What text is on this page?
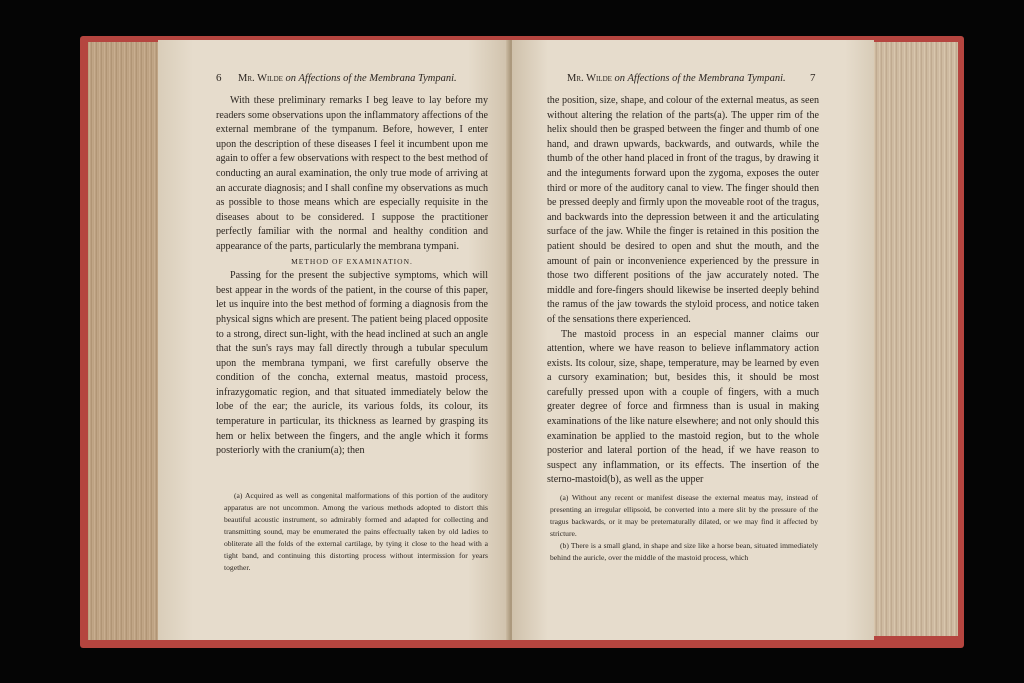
6 Mr. Wilde on Affections of the Membrana Tympani.

With these preliminary remarks I beg leave to lay before my readers some observations upon the inflammatory affections of the external membrane of the tympanum. Before, however, I enter upon the description of these diseases I feel it incumbent upon me again to offer a few observations with respect to the best method of conducting an aural examination, the only true mode of arriving at an accurate diagnosis; and I shall confine my observations as much as possible to those means which are especially requisite in the diseases about to be considered. I suppose the practitioner perfectly familiar with the normal and healthy condition and appearance of the parts, particularly the membrana tympani.

METHOD OF EXAMINATION.

Passing for the present the subjective symptoms, which will best appear in the words of the patient, in the course of this paper, let us inquire into the best method of forming a diagnosis from the physical signs which are present. The patient being placed opposite to a strong, direct sun-light, with the head inclined at such an angle that the sun's rays may fall directly through a tubular speculum upon the membrana tympani, we first carefully observe the condition of the concha, external meatus, mastoid process, infrazygomatic region, and that situated immediately below the lobe of the ear; the auricle, its various folds, its colour, its temperature in particular, its thickness as learned by grasping its hem or helix between the fingers, and the angle which it forms posteriorly with the cranium(a); then

(a) Acquired as well as congenital malformations of this portion of the auditory apparatus are not uncommon. Among the various methods adopted to distort this beautiful acoustic instrument, so admirably formed and adapted for collecting and transmitting sound, may be enumerated the pains effectually taken by old ladies to obliterate all the folds of the external cartilage, by tying it close to the head with a tight band, and continuing this distorting process without intermission for years together.

Mr. Wilde on Affections of the Membrana Tympani.	7

the position, size, shape, and colour of the external meatus, as seen without altering the relation of the parts(a). The upper rim of the helix should then be grasped between the finger and thumb of one hand, and drawn upwards, backwards, and outwards, while the thumb of the other hand placed in front of the tragus, by drawing it and the integuments forward upon the zygoma, exposes the outer third or more of the auditory canal to view. The finger should then be pressed deeply and firmly upon the moveable root of the tragus, and backwards into the depression between it and the articulating surface of the jaw. While the finger is retained in this position the patient should be desired to open and shut the mouth, and the amount of pain or inconvenience experienced by the pressure in those two different positions of the jaw accurately noted. The middle and fore-fingers should likewise be inserted deeply behind the ramus of the jaw towards the styloid process, and notice taken of the sensations there experienced.

The mastoid process in an especial manner claims our attention, where we have reason to believe inflammatory action exists. Its colour, size, shape, temperature, may be learned by even a cursory examination; but, besides this, it should be most carefully pressed upon with a couple of fingers, with a much greater degree of force and firmness than is usual in making examinations of the like nature elsewhere; and not only should this examination be applied to the mastoid region, but to the whole posterior and lateral portion of the head, if we have reason to suspect any inflammation, or its effects. The insertion of the sterno-mastoid(b), as well as the upper

(a) Without any recent or manifest disease the external meatus may, instead of presenting an irregular ellipsoid, be converted into a mere slit by the pressure of the tragus backwards, or it may be preternaturally dilated, or we may find it affected by stricture.

(b) There is a small gland, in shape and size like a horse bean, situated immediately behind the auricle, over the middle of the mastoid process, which
